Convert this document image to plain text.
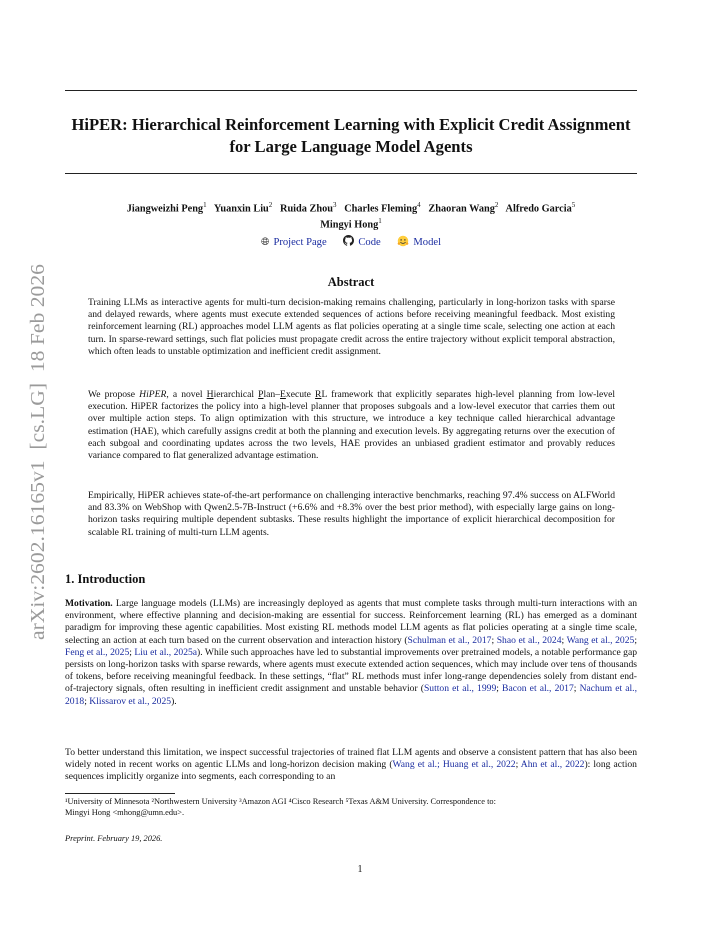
HiPER: Hierarchical Reinforcement Learning with Explicit Credit Assignment
for Large Language Model Agents
Jiangweizhi Peng$^1$ Yuanxin Liu$^2$ Ruida Zhou$^3$ Charles Fleming$^4$ Zhaoran Wang$^2$ Alfredo Garcia$^5$
Mingyi Hong$^1$
🌐︎ Project Page	Code	Model
Abstract

Training LLMs as interactive agents for multi-turn decision-making remains challenging, particularly in long-horizon tasks with sparse and delayed rewards, where agents must execute extended sequences of actions before receiving meaningful feedback. Most existing reinforcement learning (RL) approaches model LLM agents as flat policies operating at a single time scale, selecting one action at each turn. In sparse-reward settings, such flat policies must propagate credit across the entire trajectory without explicit temporal abstraction, which often leads to unstable optimization and inefficient credit assignment.

We propose HiPER, a novel Hierarchical Plan–Execute RL framework that explicitly separates high-level planning from low-level execution. HiPER factorizes the policy into a high-level planner that proposes subgoals and a low-level executor that carries them out over multiple action steps. To align optimization with this structure, we introduce a key technique called hierarchical advantage estimation (HAE), which carefully assigns credit at both the planning and execution levels. By aggregating returns over the execution of each subgoal and coordinating updates across the two levels, HAE provides an unbiased gradient estimator and provably reduces variance compared to flat generalized advantage estimation.

Empirically, HiPER achieves state-of-the-art performance on challenging interactive benchmarks, reaching 97.4% success on ALFWorld and 83.3% on WebShop with Qwen2.5-7B-Instruct (+6.6% and +8.3% over the best prior method), with especially large gains on long-horizon tasks requiring multiple dependent subtasks. These results highlight the importance of explicit hierarchical decomposition for scalable RL training of multi-turn LLM agents.

1. Introduction

Motivation. Large language models (LLMs) are increasingly deployed as agents that must complete tasks through multi-turn interactions with an environment, where effective planning and decision-making are essential for success. Reinforcement learning (RL) has emerged as a dominant paradigm for improving these agentic capabilities. Most existing RL methods model LLM agents as flat policies operating at a single time scale, selecting an action at each turn based on the current observation and interaction history (Schulman et al., 2017; Shao et al., 2024; Wang et al., 2025; Feng et al., 2025; Liu et al., 2025a). While such approaches have led to substantial improvements over pretrained models, a notable performance gap persists on long-horizon tasks with sparse rewards, where agents must execute extended action sequences, which may include over tens of thousands of tokens, before receiving meaningful feedback. In these settings, “flat” RL methods must infer long-range dependencies solely from distant end-of-trajectory signals, often resulting in inefficient credit assignment and unstable behavior (Sutton et al., 1999; Bacon et al., 2017; Nachum et al., 2018; Klissarov et al., 2025).

To better understand this limitation, we inspect successful trajectories of trained flat LLM agents and observe a consistent pattern that has also been widely noted in recent works on agentic LLMs and long-horizon decision making (Wang et al.; Huang et al., 2022; Ahn et al., 2022): long action sequences implicitly organize into segments, each corresponding to an

¹University of Minnesota ²Northwestern University ³Amazon AGI ⁴Cisco Research ⁵Texas A&M University. Correspondence to:
Mingyi Hong <mhong@umn.edu>.

Preprint. February 19, 2026.
1
arXiv:2602.16165v1  [cs.LG]  18 Feb 2026
